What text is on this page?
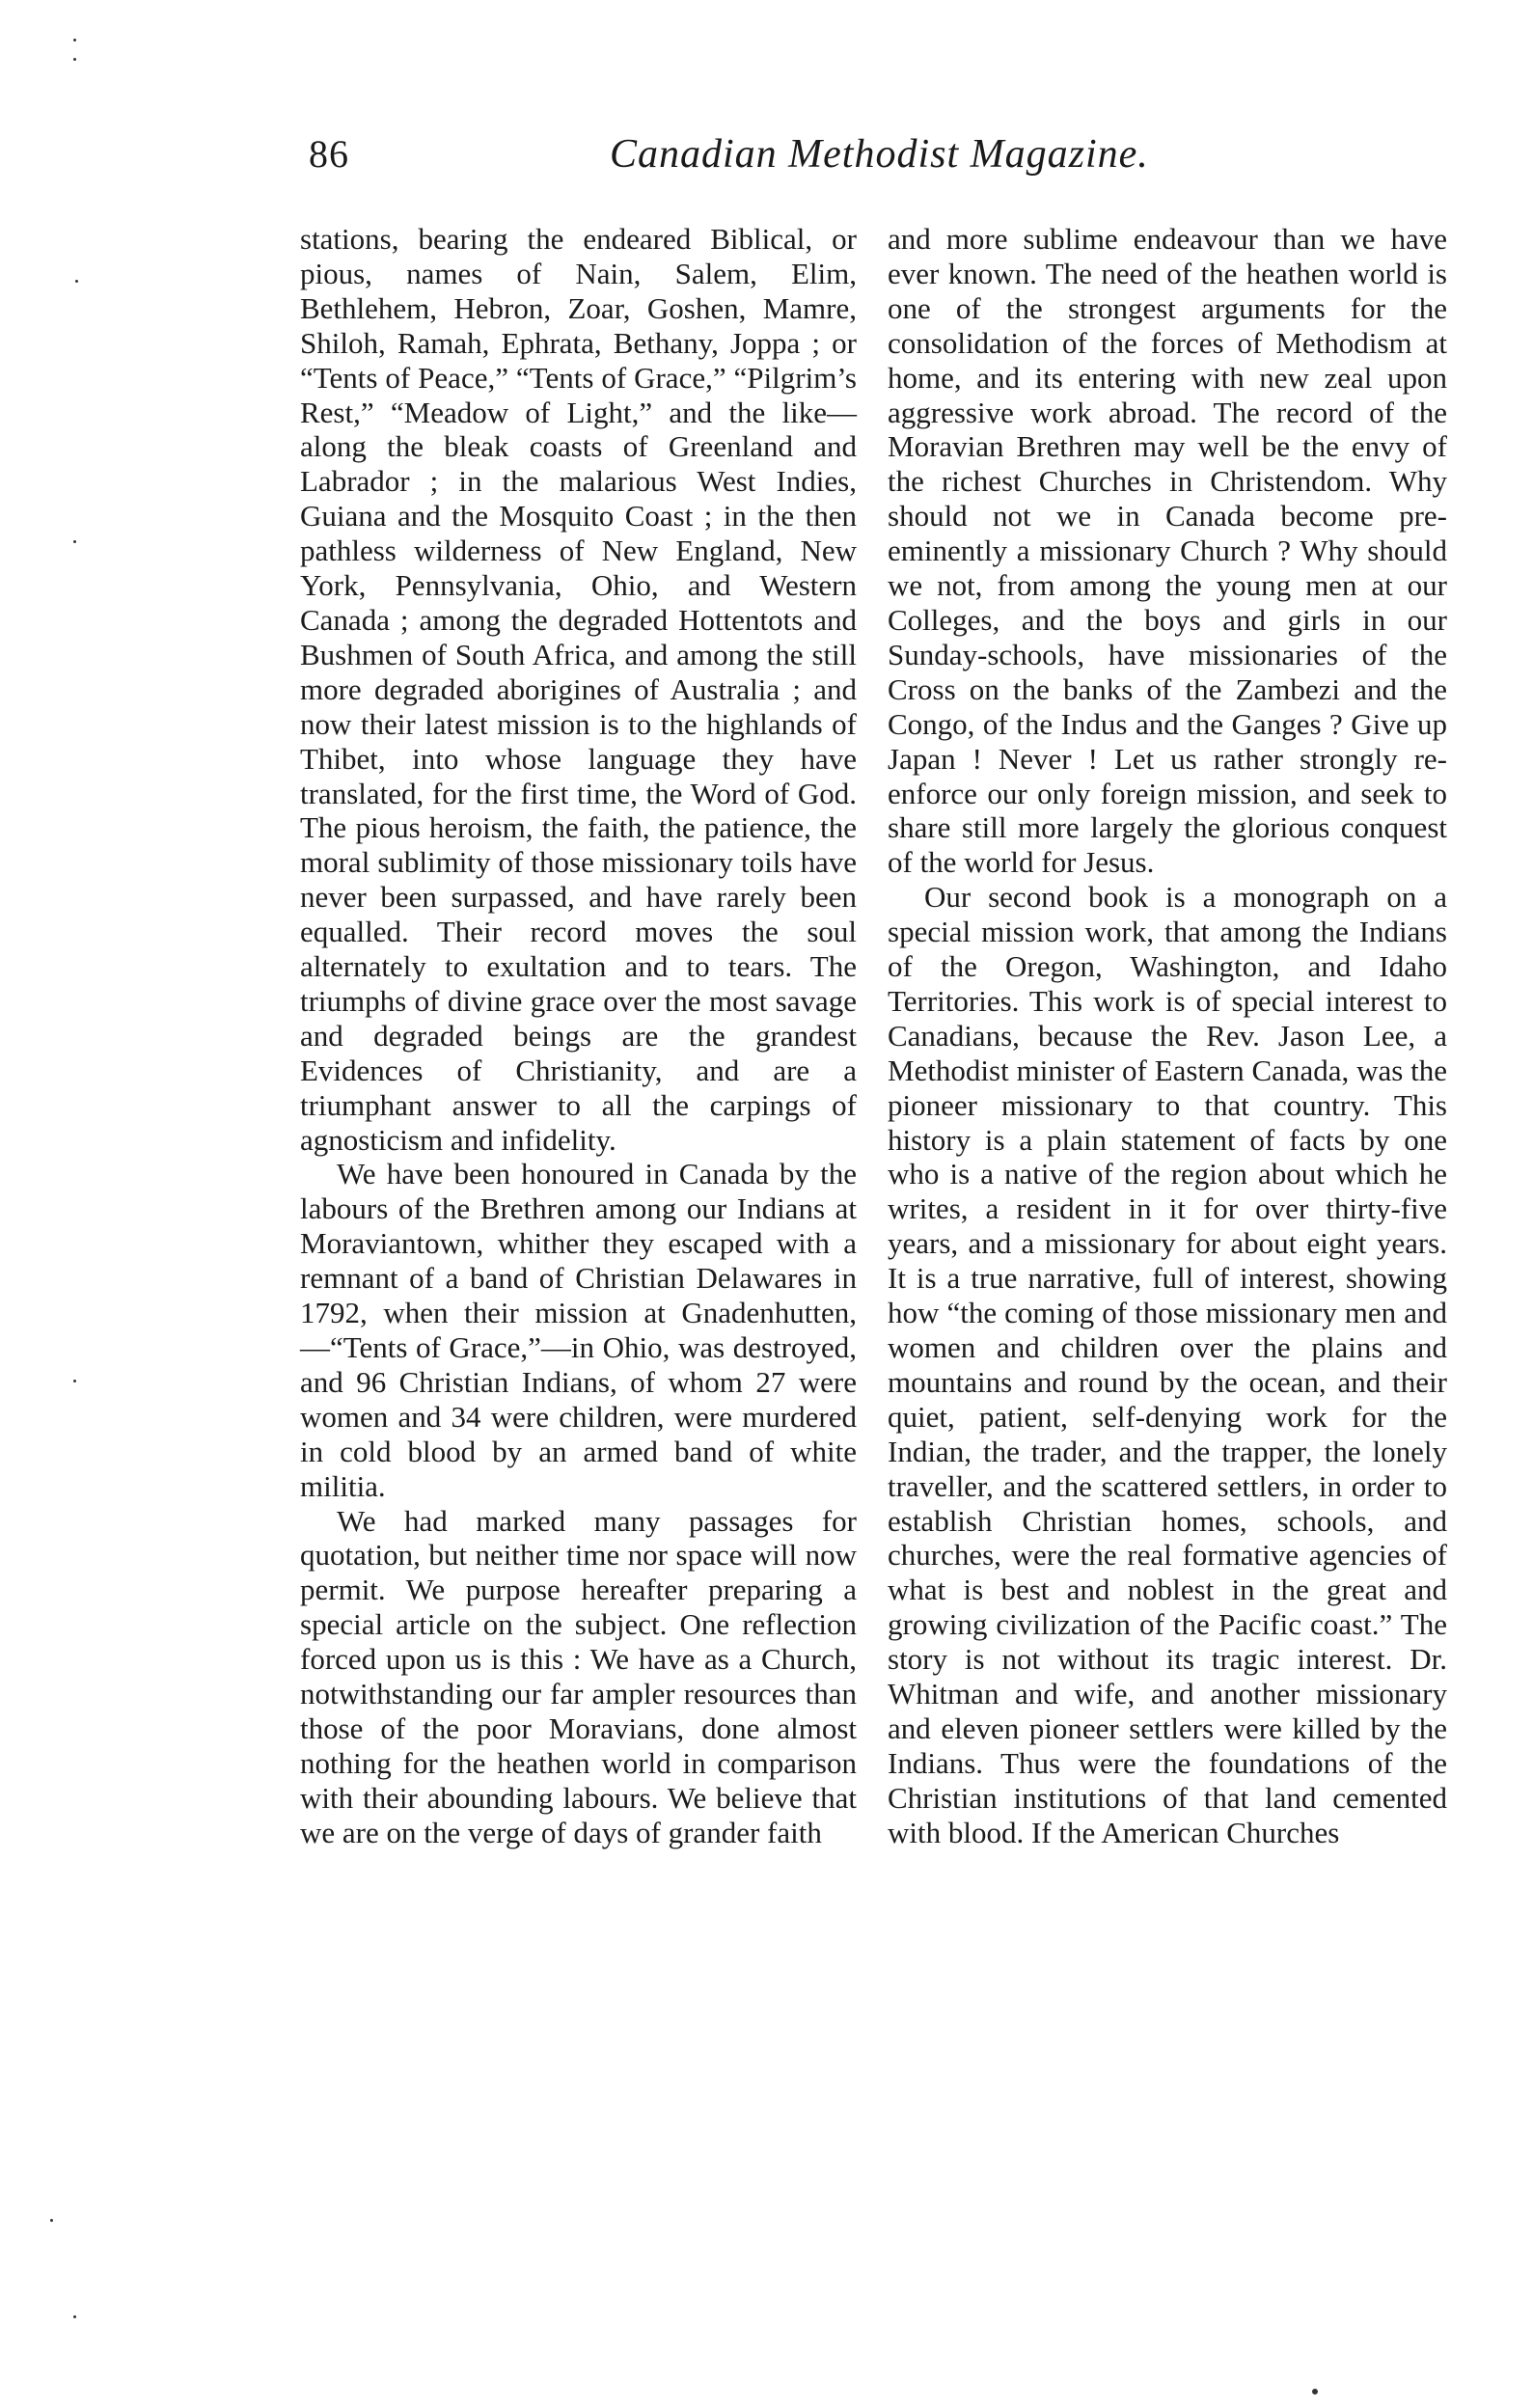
86	Canadian Methodist Magazine.

stations, bearing the endeared Biblical, or pious, names of Nain, Salem, Elim, Bethlehem, Hebron, Zoar, Goshen, Mamre, Shiloh, Ramah, Ephrata, Bethany, Joppa ; or “Tents of Peace,” “Tents of Grace,” “Pilgrim’s Rest,” “Meadow of Light,” and the like—along the bleak coasts of Greenland and Labrador ; in the malarious West Indies, Guiana and the Mosquito Coast ; in the then pathless wilderness of New England, New York, Pennsylvania, Ohio, and Western Canada ; among the degraded Hottentots and Bushmen of South Africa, and among the still more degraded aborigines of Australia ; and now their latest mission is to the highlands of Thibet, into whose language they have translated, for the first time, the Word of God. The pious heroism, the faith, the patience, the moral sublimity of those missionary toils have never been surpassed, and have rarely been equalled. Their record moves the soul alternately to exultation and to tears. The triumphs of divine grace over the most savage and degraded beings are the grandest Evidences of Christianity, and are a triumphant answer to all the carpings of agnosticism and infidelity.

We have been honoured in Canada by the labours of the Brethren among our Indians at Moraviantown, whither they escaped with a remnant of a band of Christian Delawares in 1792, when their mission at Gnadenhutten,—“Tents of Grace,”—in Ohio, was destroyed, and 96 Christian Indians, of whom 27 were women and 34 were children, were murdered in cold blood by an armed band of white militia.

We had marked many passages for quotation, but neither time nor space will now permit. We purpose hereafter preparing a special article on the subject. One reflection forced upon us is this : We have as a Church, notwithstanding our far ampler resources than those of the poor Moravians, done almost nothing for the heathen world in comparison with their abounding labours. We believe that we are on the verge of days of grander faith

and more sublime endeavour than we have ever known. The need of the heathen world is one of the strongest arguments for the consolidation of the forces of Methodism at home, and its entering with new zeal upon aggressive work abroad. The record of the Moravian Brethren may well be the envy of the richest Churches in Christendom. Why should not we in Canada become pre-eminently a missionary Church ? Why should we not, from among the young men at our Colleges, and the boys and girls in our Sunday-schools, have missionaries of the Cross on the banks of the Zambezi and the Congo, of the Indus and the Ganges ? Give up Japan ! Never ! Let us rather strongly re-enforce our only foreign mission, and seek to share still more largely the glorious conquest of the world for Jesus.

Our second book is a monograph on a special mission work, that among the Indians of the Oregon, Washington, and Idaho Territories. This work is of special interest to Canadians, because the Rev. Jason Lee, a Methodist minister of Eastern Canada, was the pioneer missionary to that country. This history is a plain statement of facts by one who is a native of the region about which he writes, a resident in it for over thirty-five years, and a missionary for about eight years. It is a true narrative, full of interest, showing how “the coming of those missionary men and women and children over the plains and mountains and round by the ocean, and their quiet, patient, self-denying work for the Indian, the trader, and the trapper, the lonely traveller, and the scattered settlers, in order to establish Christian homes, schools, and churches, were the real formative agencies of what is best and noblest in the great and growing civilization of the Pacific coast.” The story is not without its tragic interest. Dr. Whitman and wife, and another missionary and eleven pioneer settlers were killed by the Indians. Thus were the foundations of the Christian institutions of that land cemented with blood. If the American Churches
